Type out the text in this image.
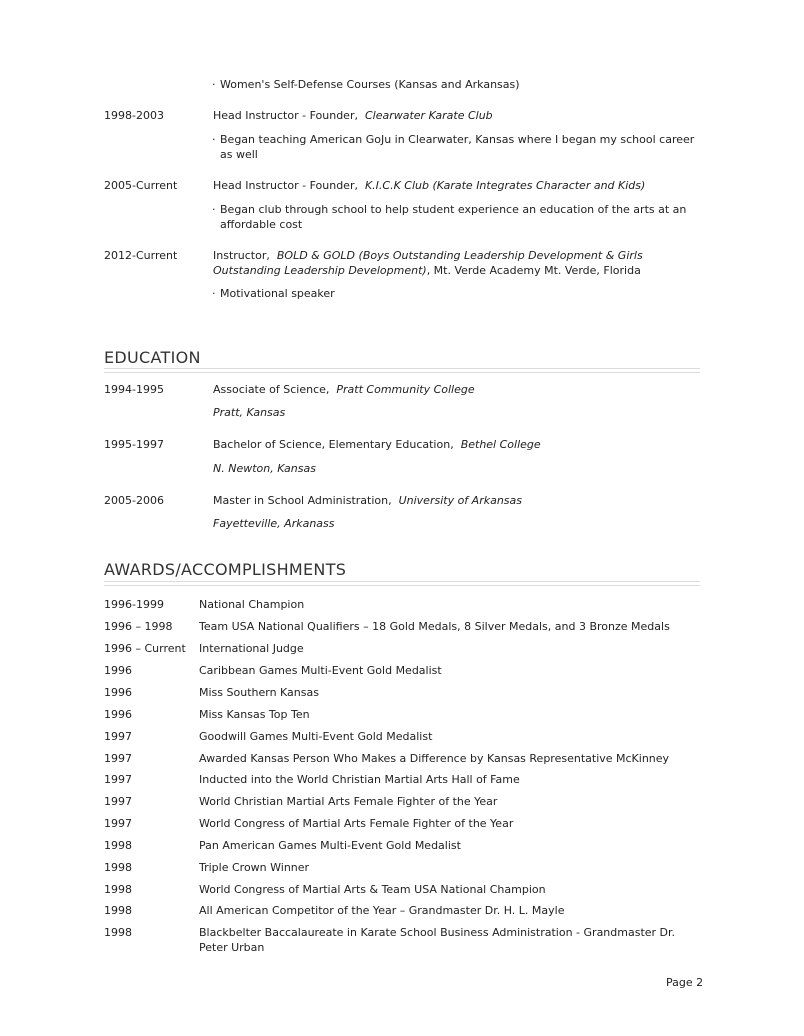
· Women's Self-Defense Courses (Kansas and Arkansas)
1998-2003	Head Instructor - Founder, Clearwater Karate Club
· Began teaching American GoJu in Clearwater, Kansas where I began my school career
as well
2005-Current	Head Instructor - Founder, K.I.C.K Club (Karate Integrates Character and Kids)
· Began club through school to help student experience an education of the arts at an
affordable cost
2012-Current	Instructor, BOLD & GOLD (Boys Outstanding Leadership Development & Girls
Outstanding Leadership Development), Mt. Verde Academy Mt. Verde, Florida
· Motivational speaker
EDUCATION
1994-1995	Associate of Science, Pratt Community College
Pratt, Kansas
1995-1997	Bachelor of Science, Elementary Education, Bethel College
N. Newton, Kansas
2005-2006	Master in School Administration, University of Arkansas
Fayetteville, Arkanass
AWARDS/ACCOMPLISHMENTS
1996-1999	National Champion
1996 – 1998 Team USA National Qualifiers – 18 Gold Medals, 8 Silver Medals, and 3 Bronze Medals
1996 – Current International Judge
1996	Caribbean Games Multi-Event Gold Medalist
1996	Miss Southern Kansas
1996	Miss Kansas Top Ten
1997	Goodwill Games Multi-Event Gold Medalist
1997	Awarded Kansas Person Who Makes a Difference by Kansas Representative McKinney
1997	Inducted into the World Christian Martial Arts Hall of Fame
1997	World Christian Martial Arts Female Fighter of the Year
1997	World Congress of Martial Arts Female Fighter of the Year
1998	Pan American Games Multi-Event Gold Medalist
1998	Triple Crown Winner
1998	World Congress of Martial Arts & Team USA National Champion
1998	All American Competitor of the Year – Grandmaster Dr. H. L. Mayle
1998	Blackbelter Baccalaureate in Karate School Business Administration - Grandmaster Dr.
Peter Urban
Page 2
